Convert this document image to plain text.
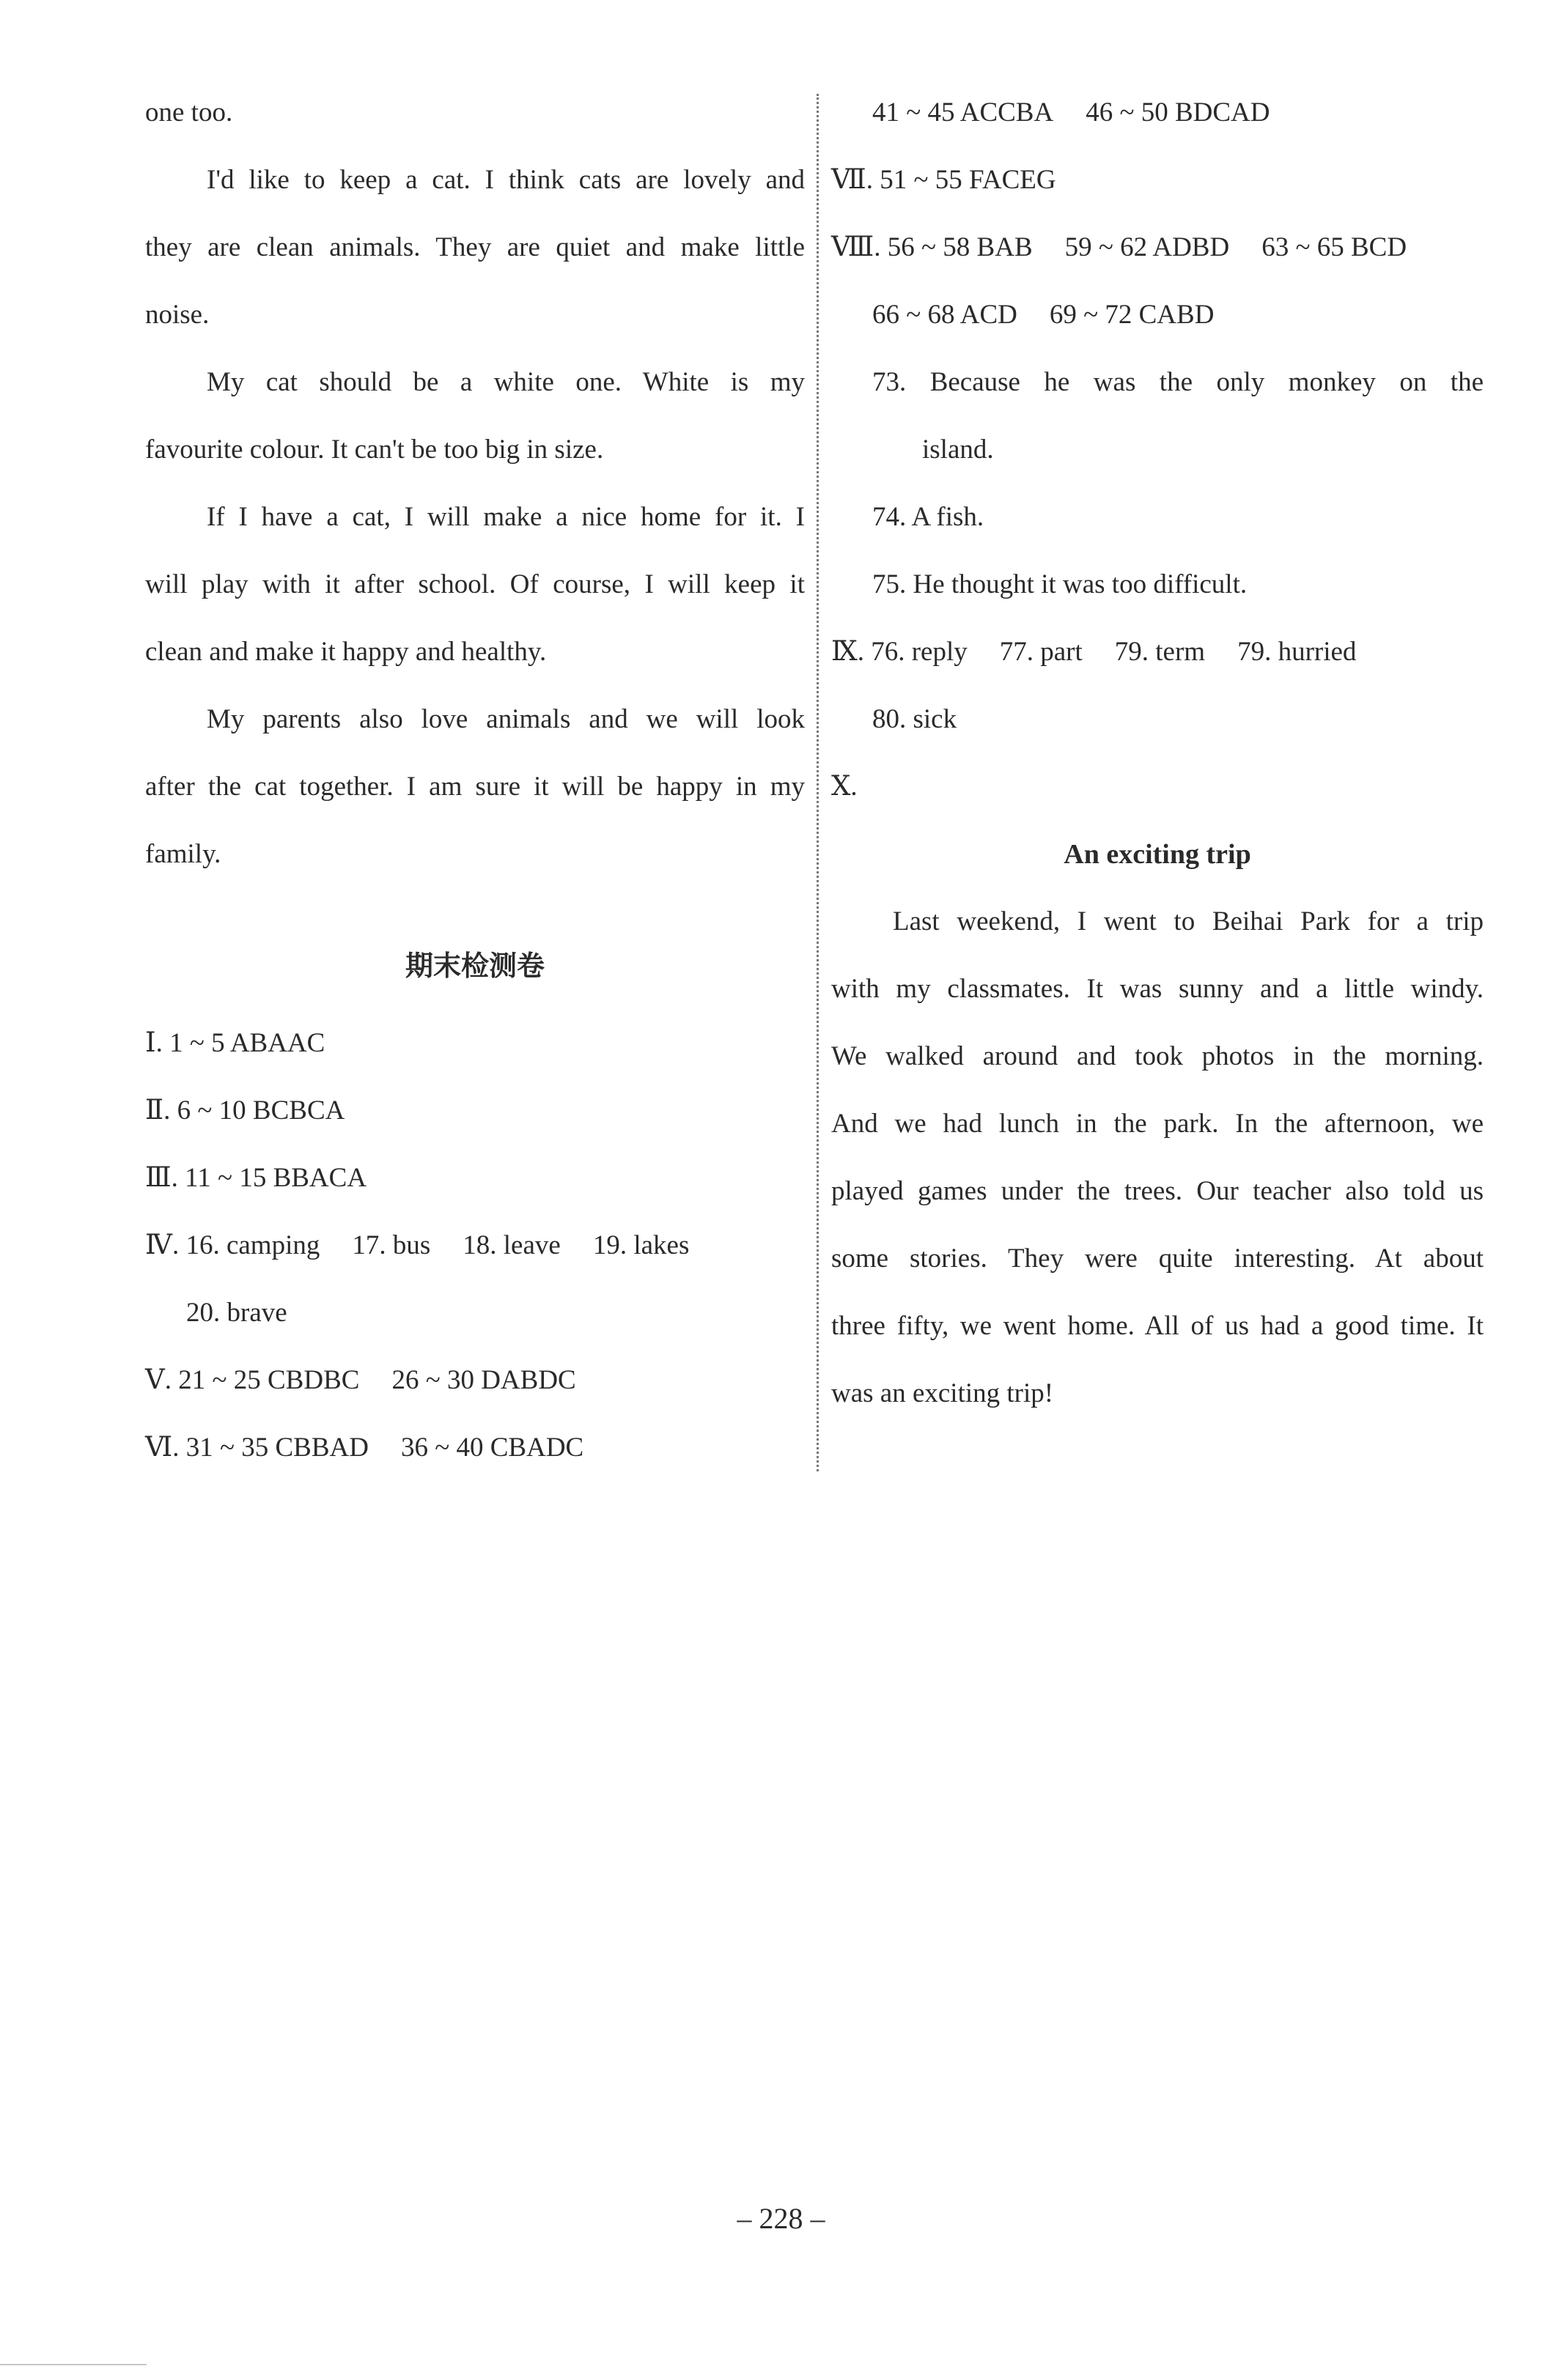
one too.
I'd like to keep a cat. I think cats are lovely and
they are clean animals. They are quiet and make little
noise.
My cat should be a white one. White is my
favourite colour. It can't be too big in size.
If I have a cat, I will make a nice home for it. I
will play with it after school. Of course, I will keep it
clean and make it happy and healthy.
My parents also love animals and we will look
after the cat together. I am sure it will be happy in my
family.
期末检测卷
Ⅰ. 1 ~ 5 ABAAC
Ⅱ. 6 ~ 10 BCBCA
Ⅲ. 11 ~ 15 BBACA
Ⅳ. 16. camping 17. bus 18. leave 19. lakes
20. brave
Ⅴ. 21 ~ 25 CBDBC 26 ~ 30 DABDC
Ⅵ. 31 ~ 35 CBBAD 36 ~ 40 CBADC
41 ~ 45 ACCBA 46 ~ 50 BDCAD
Ⅶ. 51 ~ 55 FACEG
Ⅷ. 56 ~ 58 BAB 59 ~ 62 ADBD 63 ~ 65 BCD
66 ~ 68 ACD 69 ~ 72 CABD
73. Because he was the only monkey on the
island.
74. A fish.
75. He thought it was too difficult.
Ⅸ. 76. reply 77. part 79. term 79. hurried
80. sick
Ⅹ.
An exciting trip
Last weekend, I went to Beihai Park for a trip
with my classmates. It was sunny and a little windy.
We walked around and took photos in the morning.
And we had lunch in the park. In the afternoon, we
played games under the trees. Our teacher also told us
some stories. They were quite interesting. At about
three fifty, we went home. All of us had a good time. It
was an exciting trip!
– 228 –
